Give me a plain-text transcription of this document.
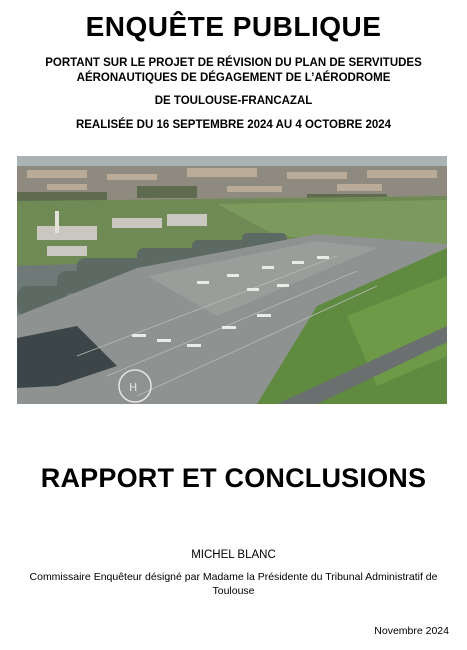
ENQUÊTE PUBLIQUE
PORTANT SUR LE PROJET DE RÉVISION DU PLAN DE SERVITUDES AÉRONAUTIQUES DE DÉGAGEMENT DE L’AÉRODROME
DE TOULOUSE-FRANCAZAL
REALISÉE DU 16 SEPTEMBRE 2024 AU 4 OCTOBRE 2024
H
RAPPORT ET CONCLUSIONS
MICHEL BLANC
Commissaire Enquêteur désigné par Madame la Présidente du Tribunal Administratif de Toulouse
Novembre 2024
